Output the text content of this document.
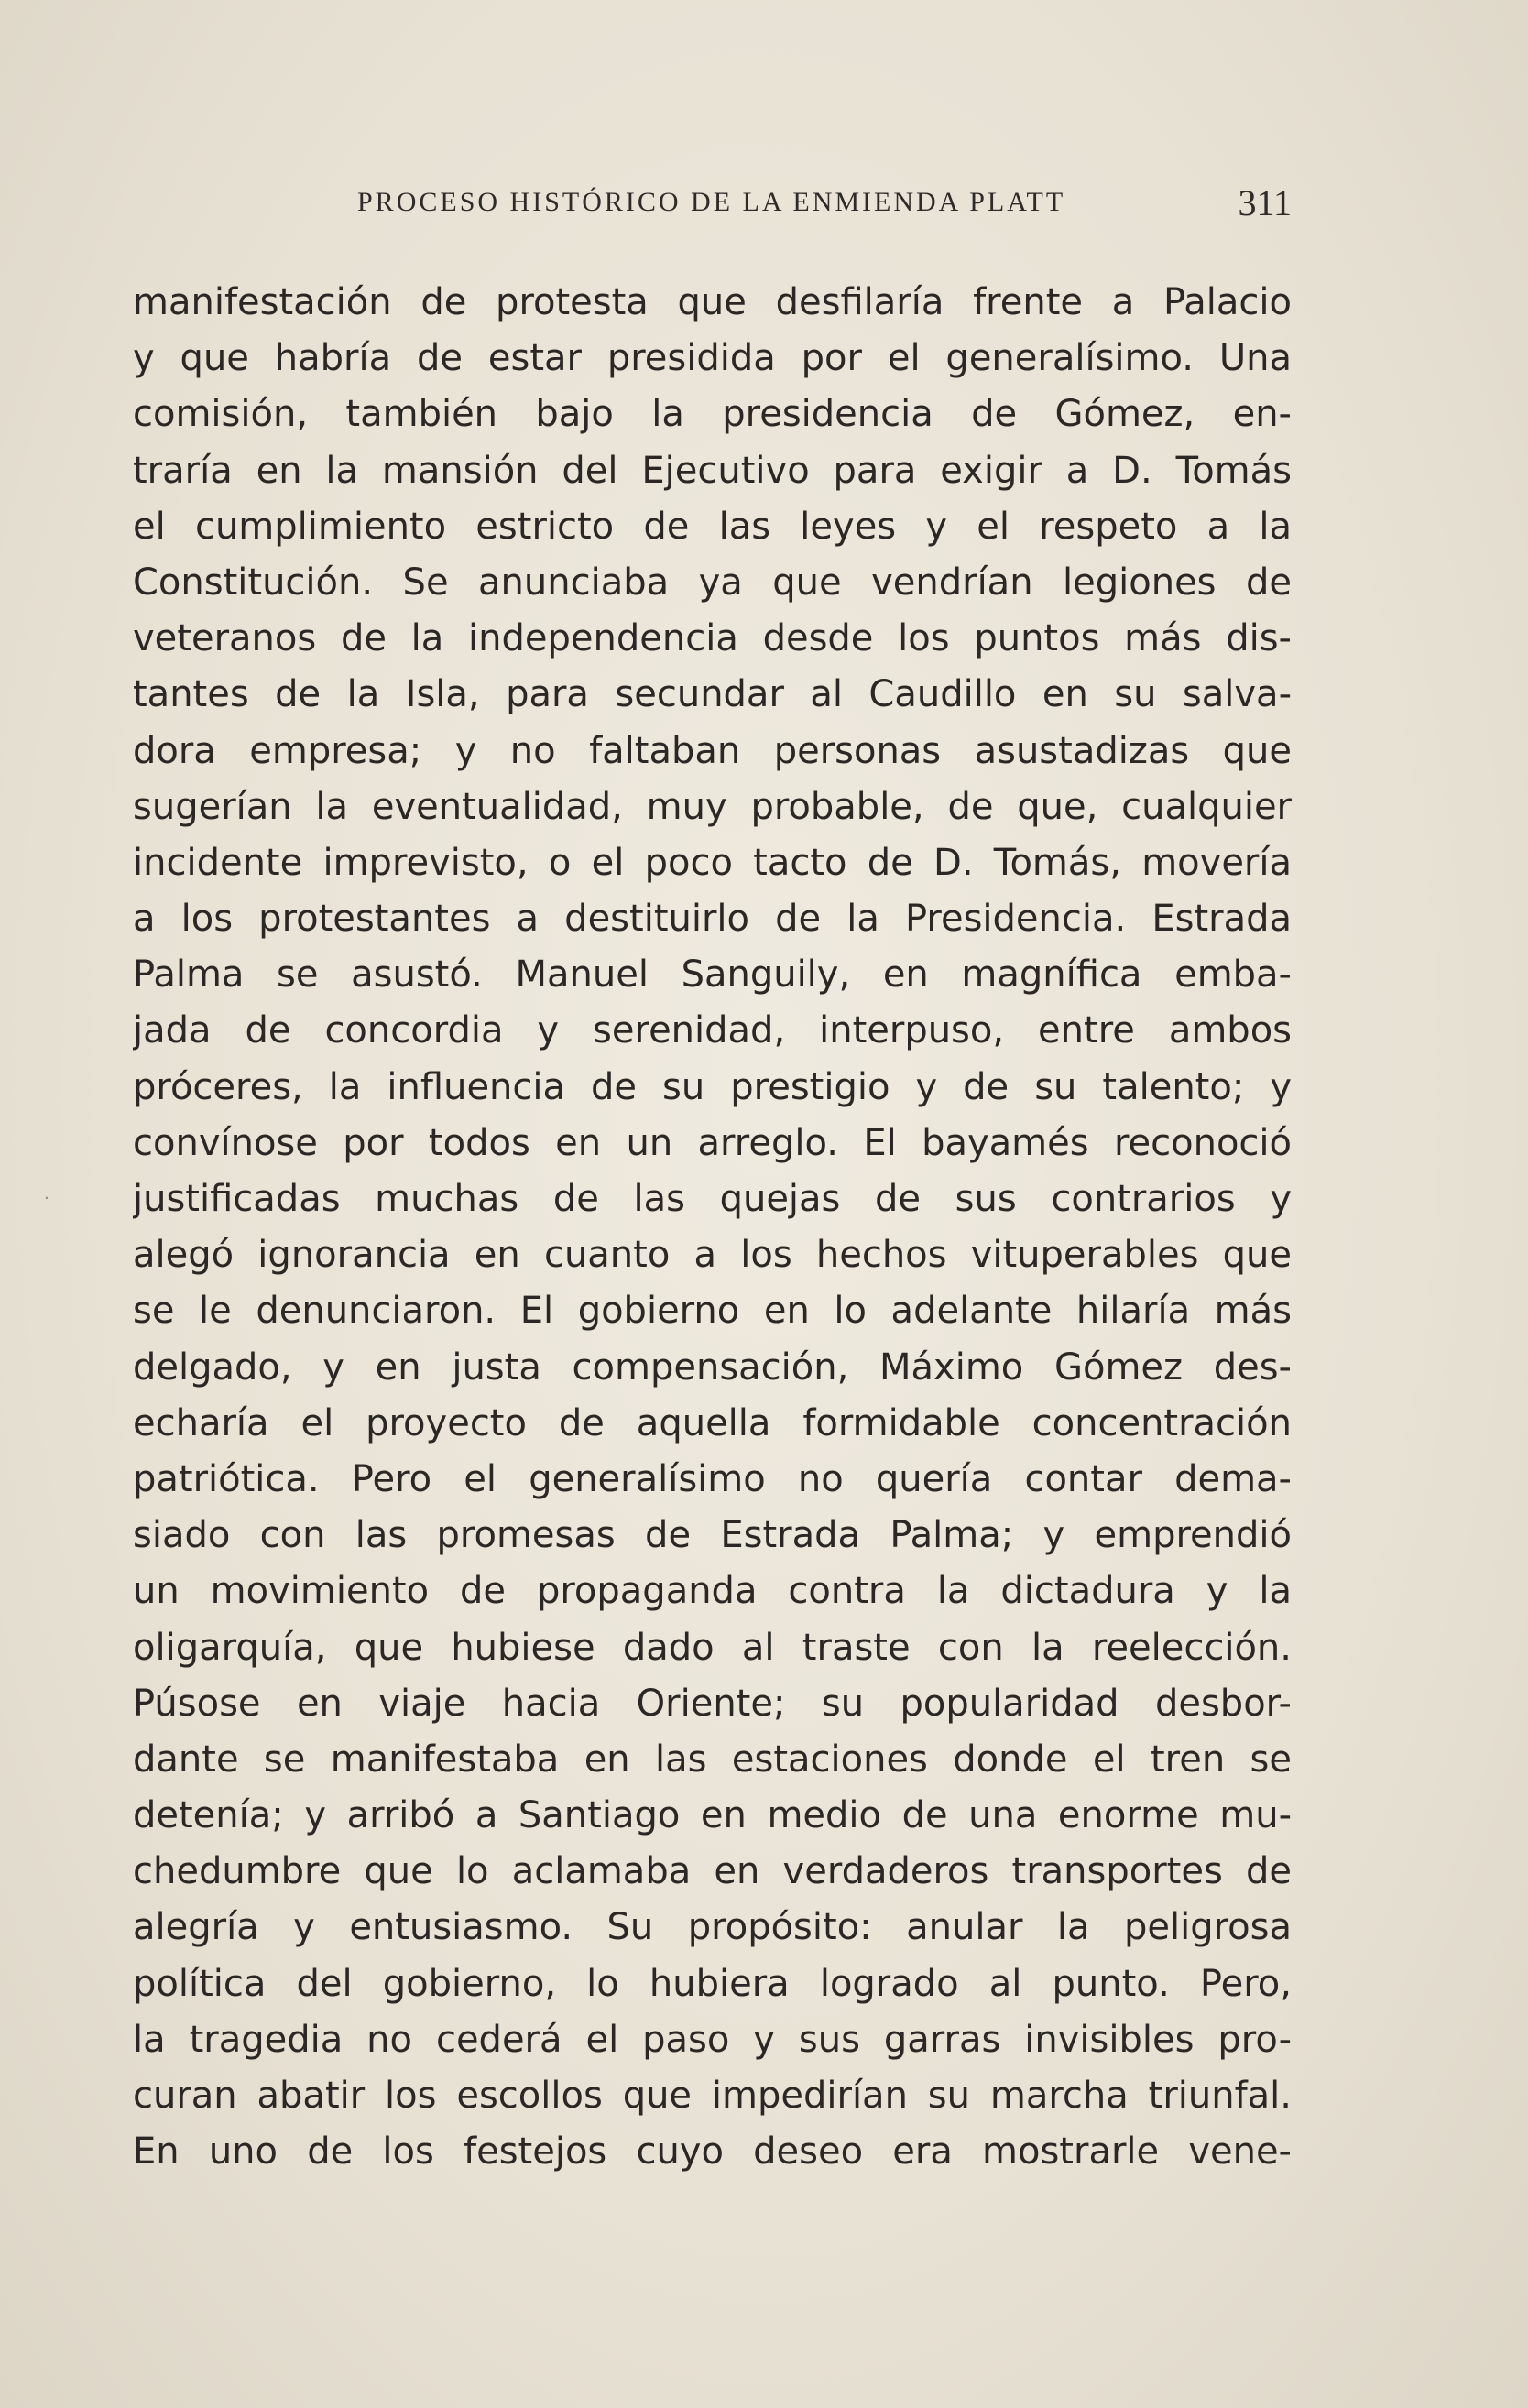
PROCESO HISTÓRICO DE LA ENMIENDA PLATT	311
·
manifestación de protesta que desfilaría frente a Palacio
y que habría de estar presidida por el generalísimo. Una
comisión, también bajo la presidencia de Gómez, en-
traría en la mansión del Ejecutivo para exigir a D. Tomás
el cumplimiento estricto de las leyes y el respeto a la
Constitución. Se anunciaba ya que vendrían legiones de
veteranos de la independencia desde los puntos más dis-
tantes de la Isla, para secundar al Caudillo en su salva-
dora empresa; y no faltaban personas asustadizas que
sugerían la eventualidad, muy probable, de que, cualquier
incidente imprevisto, o el poco tacto de D. Tomás, movería
a los protestantes a destituirlo de la Presidencia. Estrada
Palma se asustó. Manuel Sanguily, en magnífica emba-
jada de concordia y serenidad, interpuso, entre ambos
próceres, la influencia de su prestigio y de su talento; y
convínose por todos en un arreglo. El bayamés reconoció
justificadas muchas de las quejas de sus contrarios y
alegó ignorancia en cuanto a los hechos vituperables que
se le denunciaron. El gobierno en lo adelante hilaría más
delgado, y en justa compensación, Máximo Gómez des-
echaría el proyecto de aquella formidable concentración
patriótica. Pero el generalísimo no quería contar dema-
siado con las promesas de Estrada Palma; y emprendió
un movimiento de propaganda contra la dictadura y la
oligarquía, que hubiese dado al traste con la reelección.
Púsose en viaje hacia Oriente; su popularidad desbor-
dante se manifestaba en las estaciones donde el tren se
detenía; y arribó a Santiago en medio de una enorme mu-
chedumbre que lo aclamaba en verdaderos transportes de
alegría y entusiasmo. Su propósito: anular la peligrosa
política del gobierno, lo hubiera logrado al punto. Pero,
la tragedia no cederá el paso y sus garras invisibles pro-
curan abatir los escollos que impedirían su marcha triunfal.
En uno de los festejos cuyo deseo era mostrarle vene-
